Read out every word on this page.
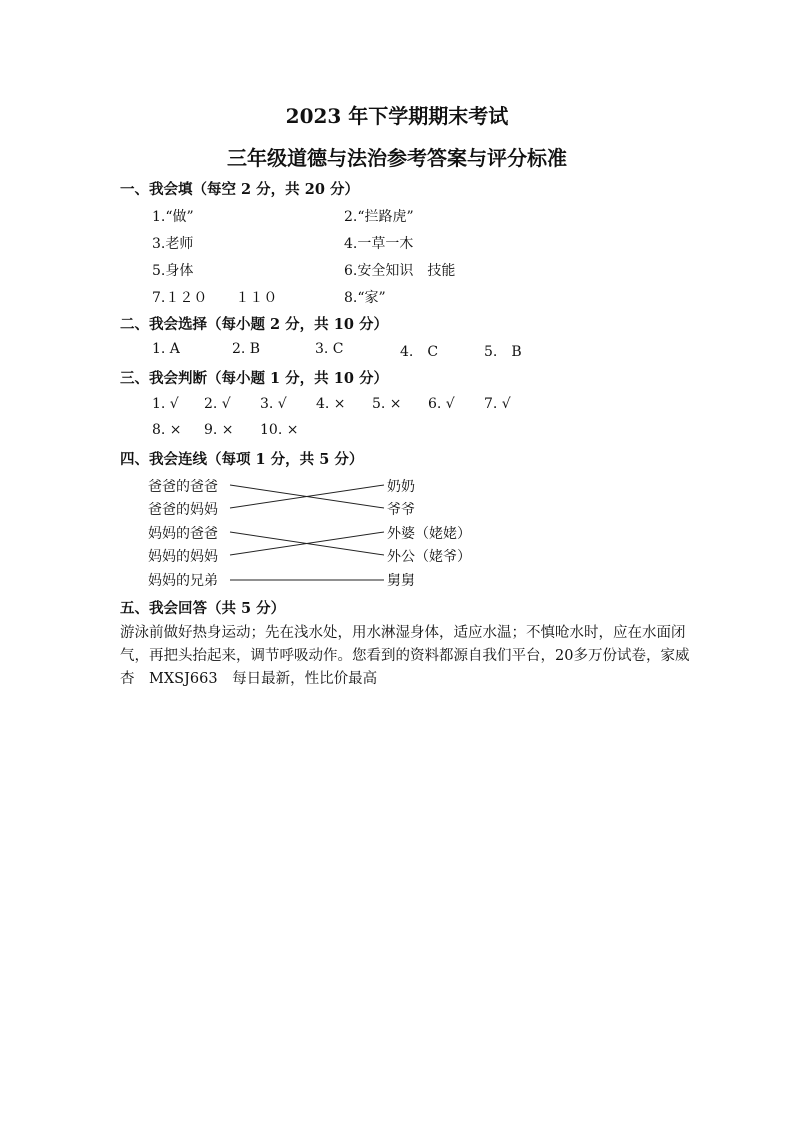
2023 年下学期期末考试
三年级道德与法治参考答案与评分标准
一、我会填（每空 2 分，共 20 分）
1.“做”	2.“拦路虎”
3.老师	4.一草一木
5.身体	6.安全知识　技能
7.１２０　　１１０	8.“家”
二、我会选择（每小题 2 分，共 10 分）
1. A	2. B	3. C	4.　C	5.　B
三、我会判断（每小题 1 分，共 10 分）
1. √ 2. √ 3. √ 4. × 5. × 6. √ 7. √
8. × 9. × 10. ×
四、我会连线（每项 1 分，共 5 分）
爸爸的爸爸
爸爸的妈妈
妈妈的爸爸
妈妈的妈妈
妈妈的兄弟
奶奶
爷爷
外婆（姥姥）
外公（姥爷）
舅舅
五、我会回答（共 5 分）
游泳前做好热身运动；先在浅水处，用水淋湿身体，适应水温；不慎呛水时，应在水面闭气，再把头抬起来，调节呼吸动作。您看到的资料都源自我们平台，20多万份试卷，家威杏　MXSJ663　每日最新，性比价最高
